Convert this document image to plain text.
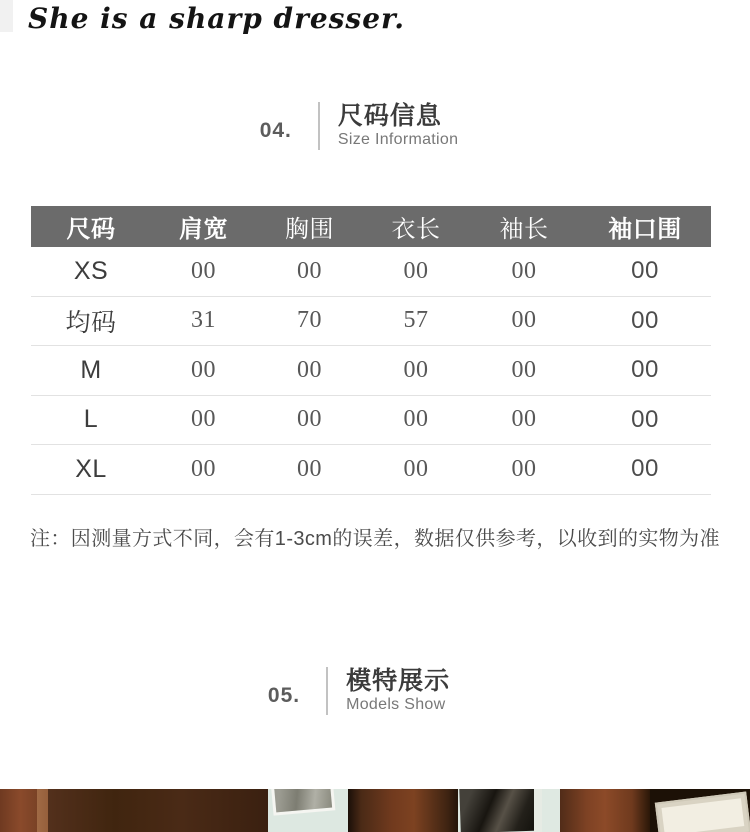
She is a sharp dresser.
04.
尺码信息
Size Information
尺码	肩宽	胸围	衣长	袖长	袖口围
XS	00	00	00	00	00
均码	31	70	57	00	00
M	00	00	00	00	00
L	00	00	00	00	00
XL	00	00	00	00	00
注：因测量方式不同，会有1-3cm的误差，数据仅供参考，以收到的实物为准
05.
模特展示
Models Show
